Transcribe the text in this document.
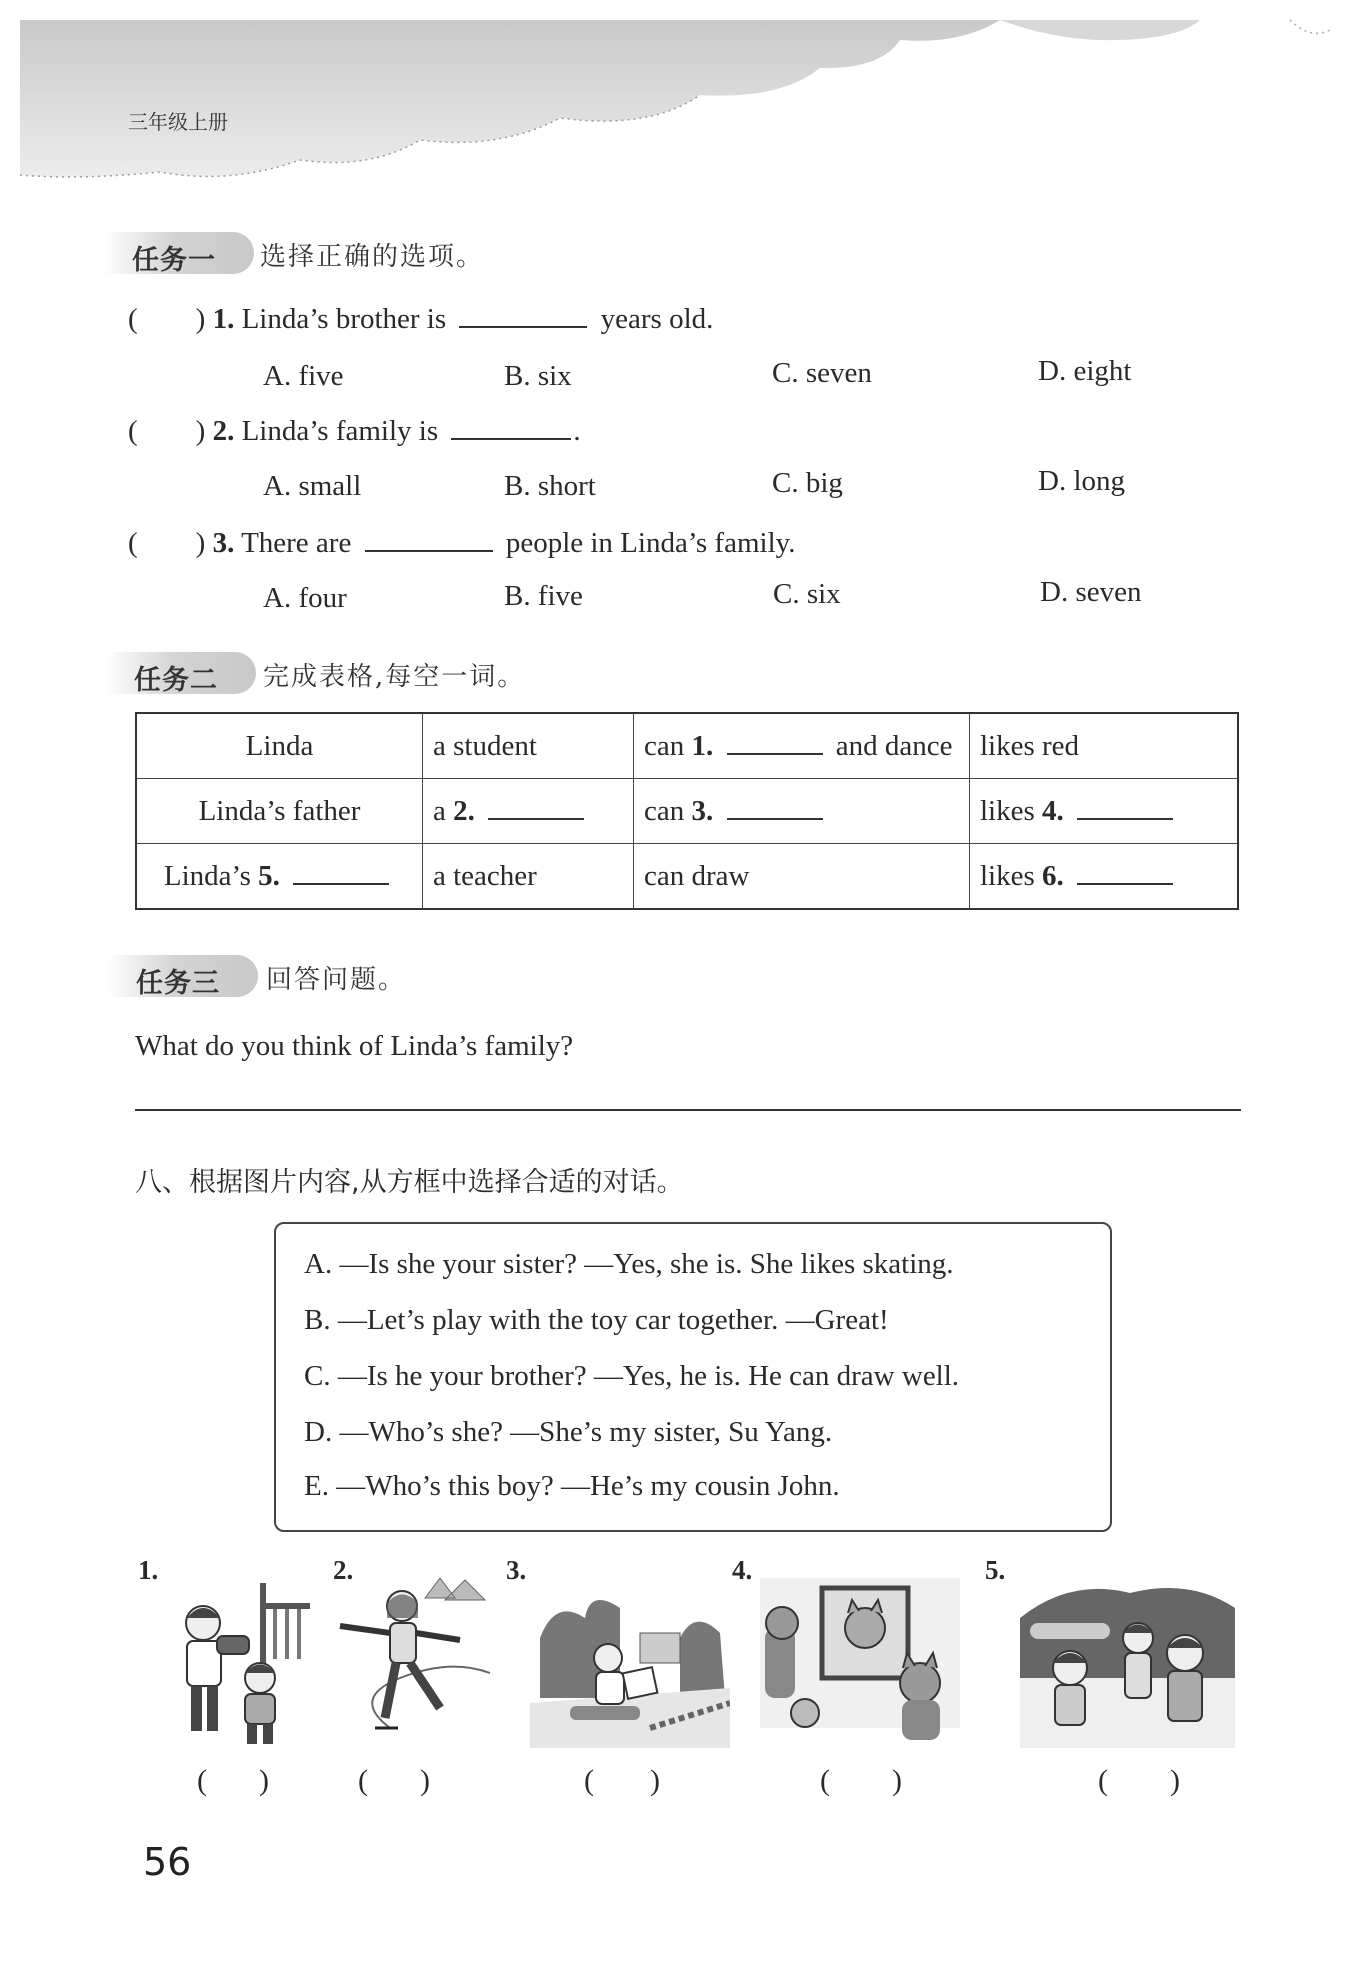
三年级上册
任务一 选择正确的选项。
(        ) 1. Linda’s brother is	years old.
A. five	B. six	C. seven	D. eight
(        ) 2. Linda’s family is	.
A. small	B. short	C. big	D. long
(        ) 3. There are	people in Linda’s family.
A. four	B. five	C. six	D. seven
任务二 完成表格,每空一词。
Linda	a student	can 1. and dance	likes red
Linda’s father	a 2.	can 3.	likes 4.
Linda’s 5.	a teacher	can draw	likes 6.
任务三 回答问题。
What do you think of Linda’s family?
八、根据图片内容,从方框中选择合适的对话。
A. —Is she your sister? —Yes, she is. She likes skating.
B. —Let’s play with the toy car together. —Great!
C. —Is he your brother? —Yes, he is. He can draw well.
D. —Who’s she? —She’s my sister, Su Yang.
E. —Who’s this boy? —He’s my cousin John.
1.	2.	3.	4.	5.
( )	( )	( )	( )	( )
56
